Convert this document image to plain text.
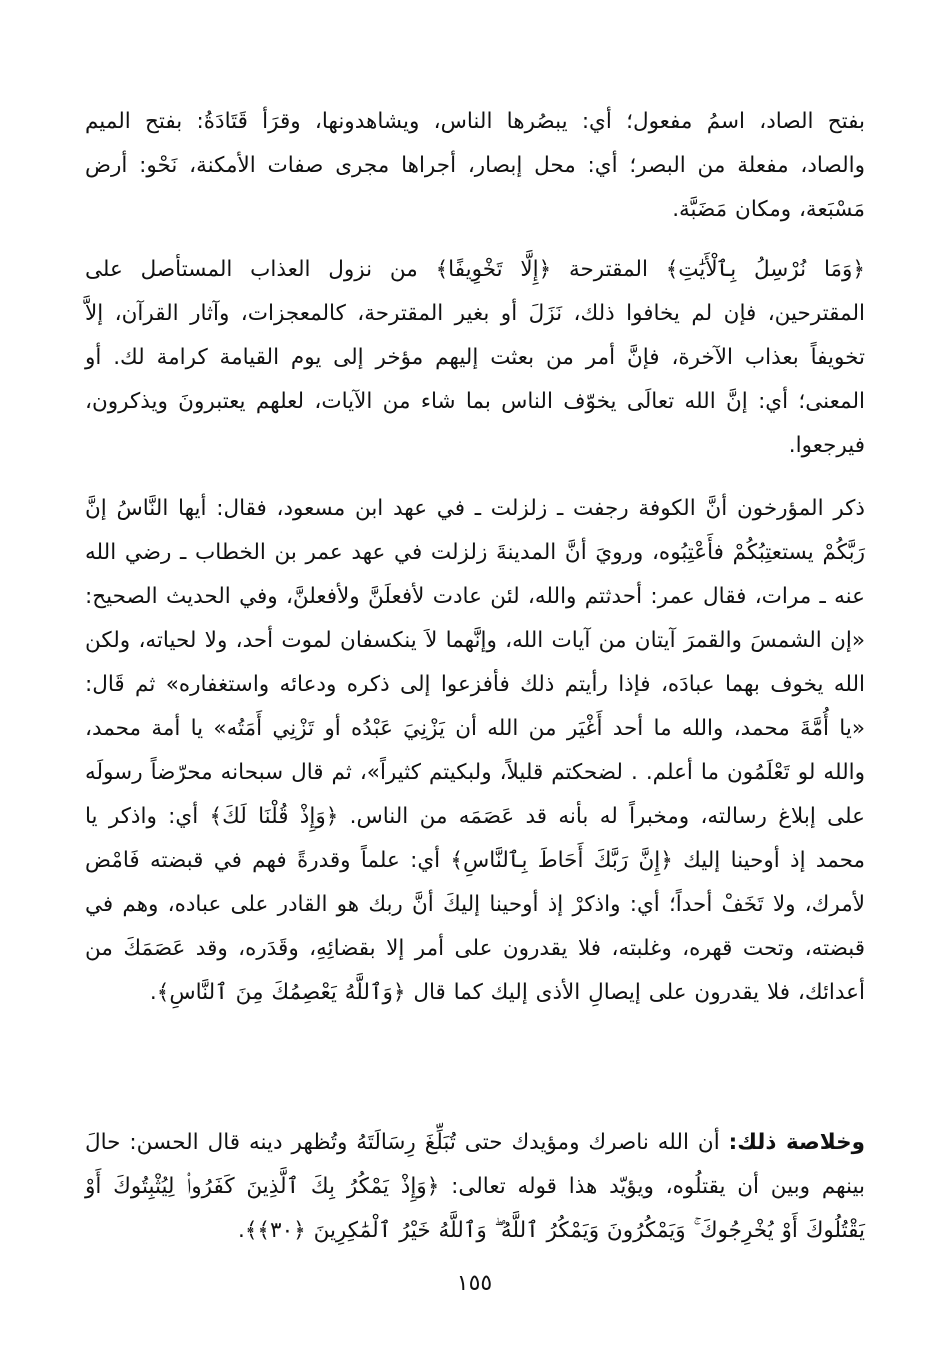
بفتح الصاد، اسمُ مفعول؛ أي: يبصُرها الناس، ويشاهدونها، وقرَأ قَتَادَةُ: بفتح الميم والصاد، مفعلة من البصر؛ أي: محل إبصار، أجراها مجرى صفات الأمكنة، نَحْو: أرض مَسْبَعة، ومكان مَضَبَّة.

﴿وَمَا نُرْسِلُ بِٱلْأَيَٰتِ﴾ المقترحة ﴿إِلَّا تَخْوِيفًا﴾ من نزول العذاب المستأصل على المقترحين، فإن لم يخافوا ذلك، نَزَلَ أو بغير المقترحة، كالمعجزات، وآثار القرآن، إلاَّ تخويفاً بعذاب الآخرة، فإنَّ أمر من بعثت إليهم مؤخر إلى يوم القيامة كرامة لك. أو المعنى؛ أي: إنَّ الله تعالَى يخوّف الناس بما شاء من الآيات، لعلهم يعتبرونَ ويذكرون، فيرجعوا.

ذكر المؤرخون أنَّ الكوفة رجفت ـ زلزلت ـ في عهد ابن مسعود، فقال: أيها النَّاسُ إنَّ رَبَّكُمْ يستعتِبُكُمْ فأَعْتِبُوه، ورويَ أنَّ المدينةَ زلزلت في عهد عمر بن الخطاب ـ رضي الله عنه ـ مرات، فقال عمر: أحدثتم والله، لئن عادت لأفعلَنَّ ولأفعلنَّ، وفي الحديث الصحيح: «إن الشمسَ والقمرَ آيتان من آيات الله، وإنَّهما لاَ ينكسفان لموت أحد، ولا لحياته، ولكن الله يخوف بهما عبادَه، فإذا رأيتم ذلك فأفزعوا إلى ذكره ودعائه واستغفاره» ثم قَال: «يا أُمَّةَ محمد، والله ما أحد أَغْيَر من الله أن يَزْنِيَ عَبْدُه أو تَزْنِي أَمَتُه» يا أمة محمد، والله لو تَعْلَمُون ما أعلم. . لضحكتم قليلاً، ولبكيتم كثيراً»، ثم قال سبحانه محرّضاً رسولَه على إبلاغ رسالته، ومخبراً له بأنه قد عَصَمَه من الناس. ﴿وَإِذْ قُلْنَا لَكَ﴾ أي: واذكر يا محمد إذ أوحينا إليك ﴿إِنَّ رَبَّكَ أَحَاطَ بِٱلنَّاسِ﴾ أي: علماً وقدرةً فهم في قبضته فَامْض لأمرك، ولا تَخَفْ أحداً؛ أي: واذكرْ إذ أوحينا إليكَ أنَّ ربك هو القادر على عباده، وهم في قبضته، وتحت قهره، وغلبته، فلا يقدرون على أمر إلا بقضائِهِ، وقَدَره، وقد عَصَمَكَ من أعدائك، فلا يقدرون على إيصالِ الأذى إليك كما قال ﴿وَٱللَّهُ يَعْصِمُكَ مِنَ ٱلنَّاسِ﴾.

وخلاصة ذلك: أن الله ناصرك ومؤيدك حتى تُبَلِّغَ رِسَالَتَهُ وتُظهر دينه قال الحسن: حالَ بينهم وبين أن يقتلُوه، ويؤيّد هذا قوله تعالى: ﴿وَإِذْ يَمْكُرُ بِكَ ٱلَّذِينَ كَفَرُوا۟ لِيُثْبِتُوكَ أَوْ يَقْتُلُوكَ أَوْ يُخْرِجُوكَ ۚ وَيَمْكُرُونَ وَيَمْكُرُ ٱللَّهُ ۖ وَٱللَّهُ خَيْرُ ٱلْمَٰكِرِينَ ﴿٣٠﴾﴾.

١٥٥
